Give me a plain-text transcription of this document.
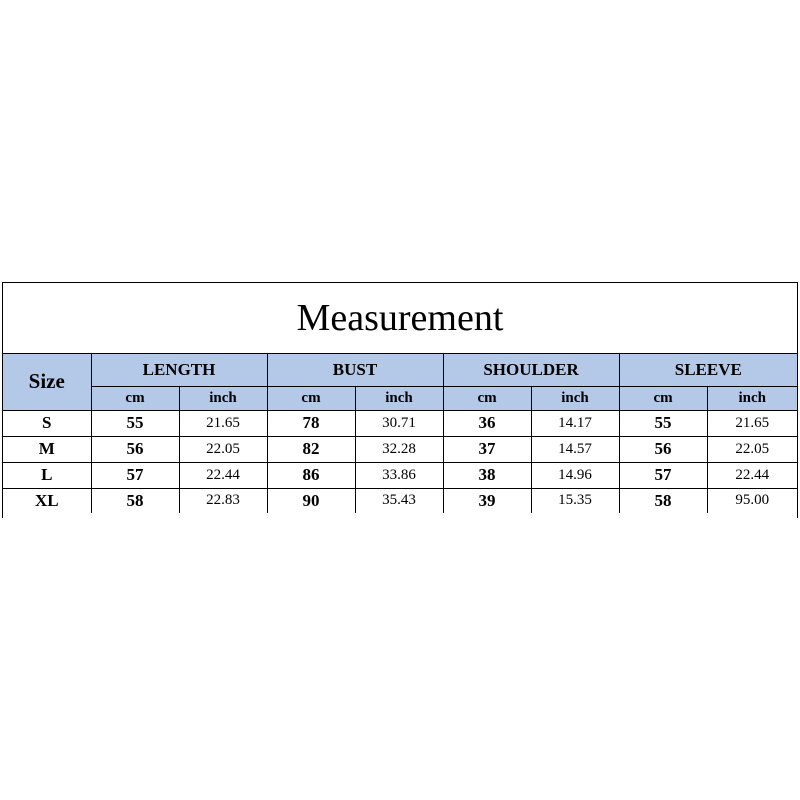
Measurement
Size	LENGTH		BUST		SHOULDER		SLEEVE	
	cm	inch	cm	inch	cm	inch	cm	inch
S	55	21.65	78	30.71	36	14.17	55	21.65
M	56	22.05	82	32.28	37	14.57	56	22.05
L	57	22.44	86	33.86	38	14.96	57	22.44
XL	58	22.83	90	35.43	39	15.35	58	95.00
